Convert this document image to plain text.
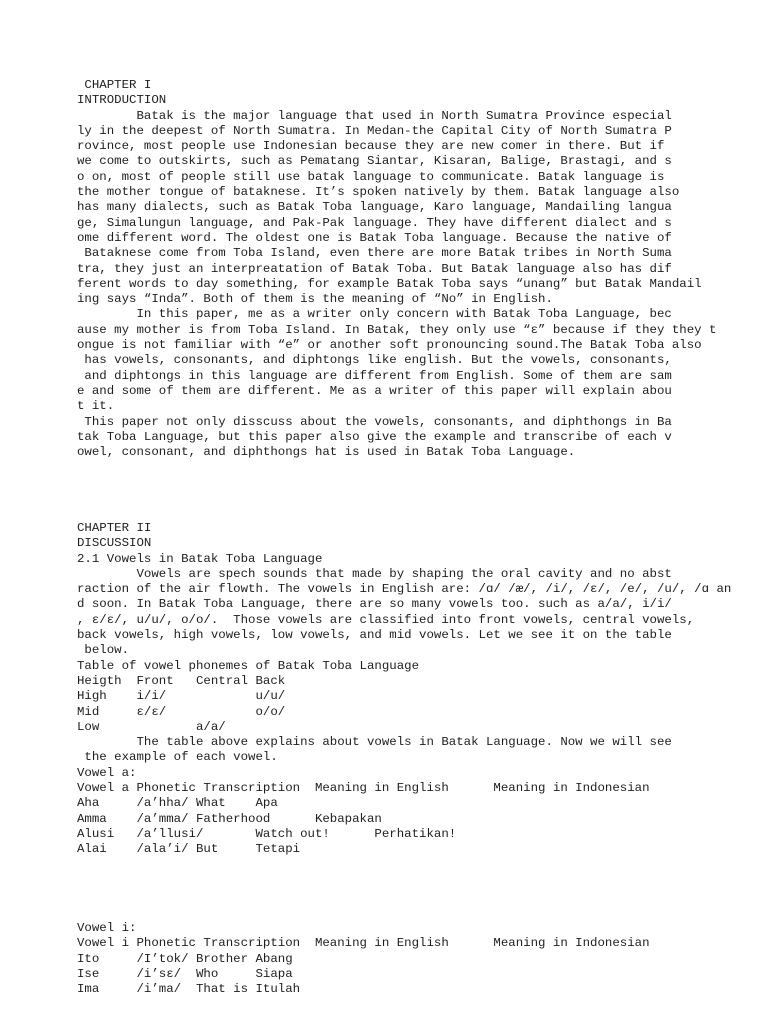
CHAPTER I
INTRODUCTION
Batak is the major language that used in North Sumatra Province especial
ly in the deepest of North Sumatra. In Medan-the Capital City of North Sumatra P
rovince, most people use Indonesian because they are new comer in there. But if
we come to outskirts, such as Pematang Siantar, Kisaran, Balige, Brastagi, and s
o on, most of people still use batak language to communicate. Batak language is
the mother tongue of bataknese. It’s spoken natively by them. Batak language also
has many dialects, such as Batak Toba language, Karo language, Mandailing langua
ge, Simalungun language, and Pak-Pak language. They have different dialect and s
ome different word. The oldest one is Batak Toba language. Because the native of
Bataknese come from Toba Island, even there are more Batak tribes in North Suma
tra, they just an interpreatation of Batak Toba. But Batak language also has dif
ferent words to day something, for example Batak Toba says “unang” but Batak Mandail
ing says “Inda”. Both of them is the meaning of “No” in English.
In this paper, me as a writer only concern with Batak Toba Language, bec
ause my mother is from Toba Island. In Batak, they only use “ɛ” because if they they t
ongue is not familiar with “e” or another soft pronouncing sound.The Batak Toba also
has vowels, consonants, and diphtongs like english. But the vowels, consonants,
and diphtongs in this language are different from English. Some of them are sam
e and some of them are different. Me as a writer of this paper will explain abou
t it.
This paper not only disscuss about the vowels, consonants, and diphthongs in Ba
tak Toba Language, but this paper also give the example and transcribe of each v
owel, consonant, and diphthongs hat is used in Batak Toba Language.
CHAPTER II
DISCUSSION
2.1 Vowels in Batak Toba Language
Vowels are spech sounds that made by shaping the oral cavity and no abst
raction of the air flowth. The vowels in English are: /ɑ/ /æ/, /i/, /ɛ/, /e/, /u/, /ɑ an
d soon. In Batak Toba Language, there are so many vowels too. such as a/a/, i/i/
, ɛ/ɛ/, u/u/, o/o/.  Those vowels are classified into front vowels, central vowels,
back vowels, high vowels, low vowels, and mid vowels. Let we see it on the table
below.
Table of vowel phonemes of Batak Toba Language
Heigth  Front   Central Back
High    i/i/            u/u/
Mid     ɛ/ɛ/            o/o/
Low             a/a/
The table above explains about vowels in Batak Language. Now we will see
the example of each vowel.
Vowel a:
Vowel a Phonetic Transcription  Meaning in English      Meaning in Indonesian
Aha     /a’hha/ What    Apa
Amma    /a’mma/ Fatherhood      Kebapakan
Alusi   /a’llusi/       Watch out!      Perhatikan!
Alai    /ala’i/ But     Tetapi
Vowel i:
Vowel i Phonetic Transcription  Meaning in English      Meaning in Indonesian
Ito     /I’tok/ Brother Abang
Ise     /i’sɛ/  Who     Siapa
Ima     /i’ma/  That is Itulah
